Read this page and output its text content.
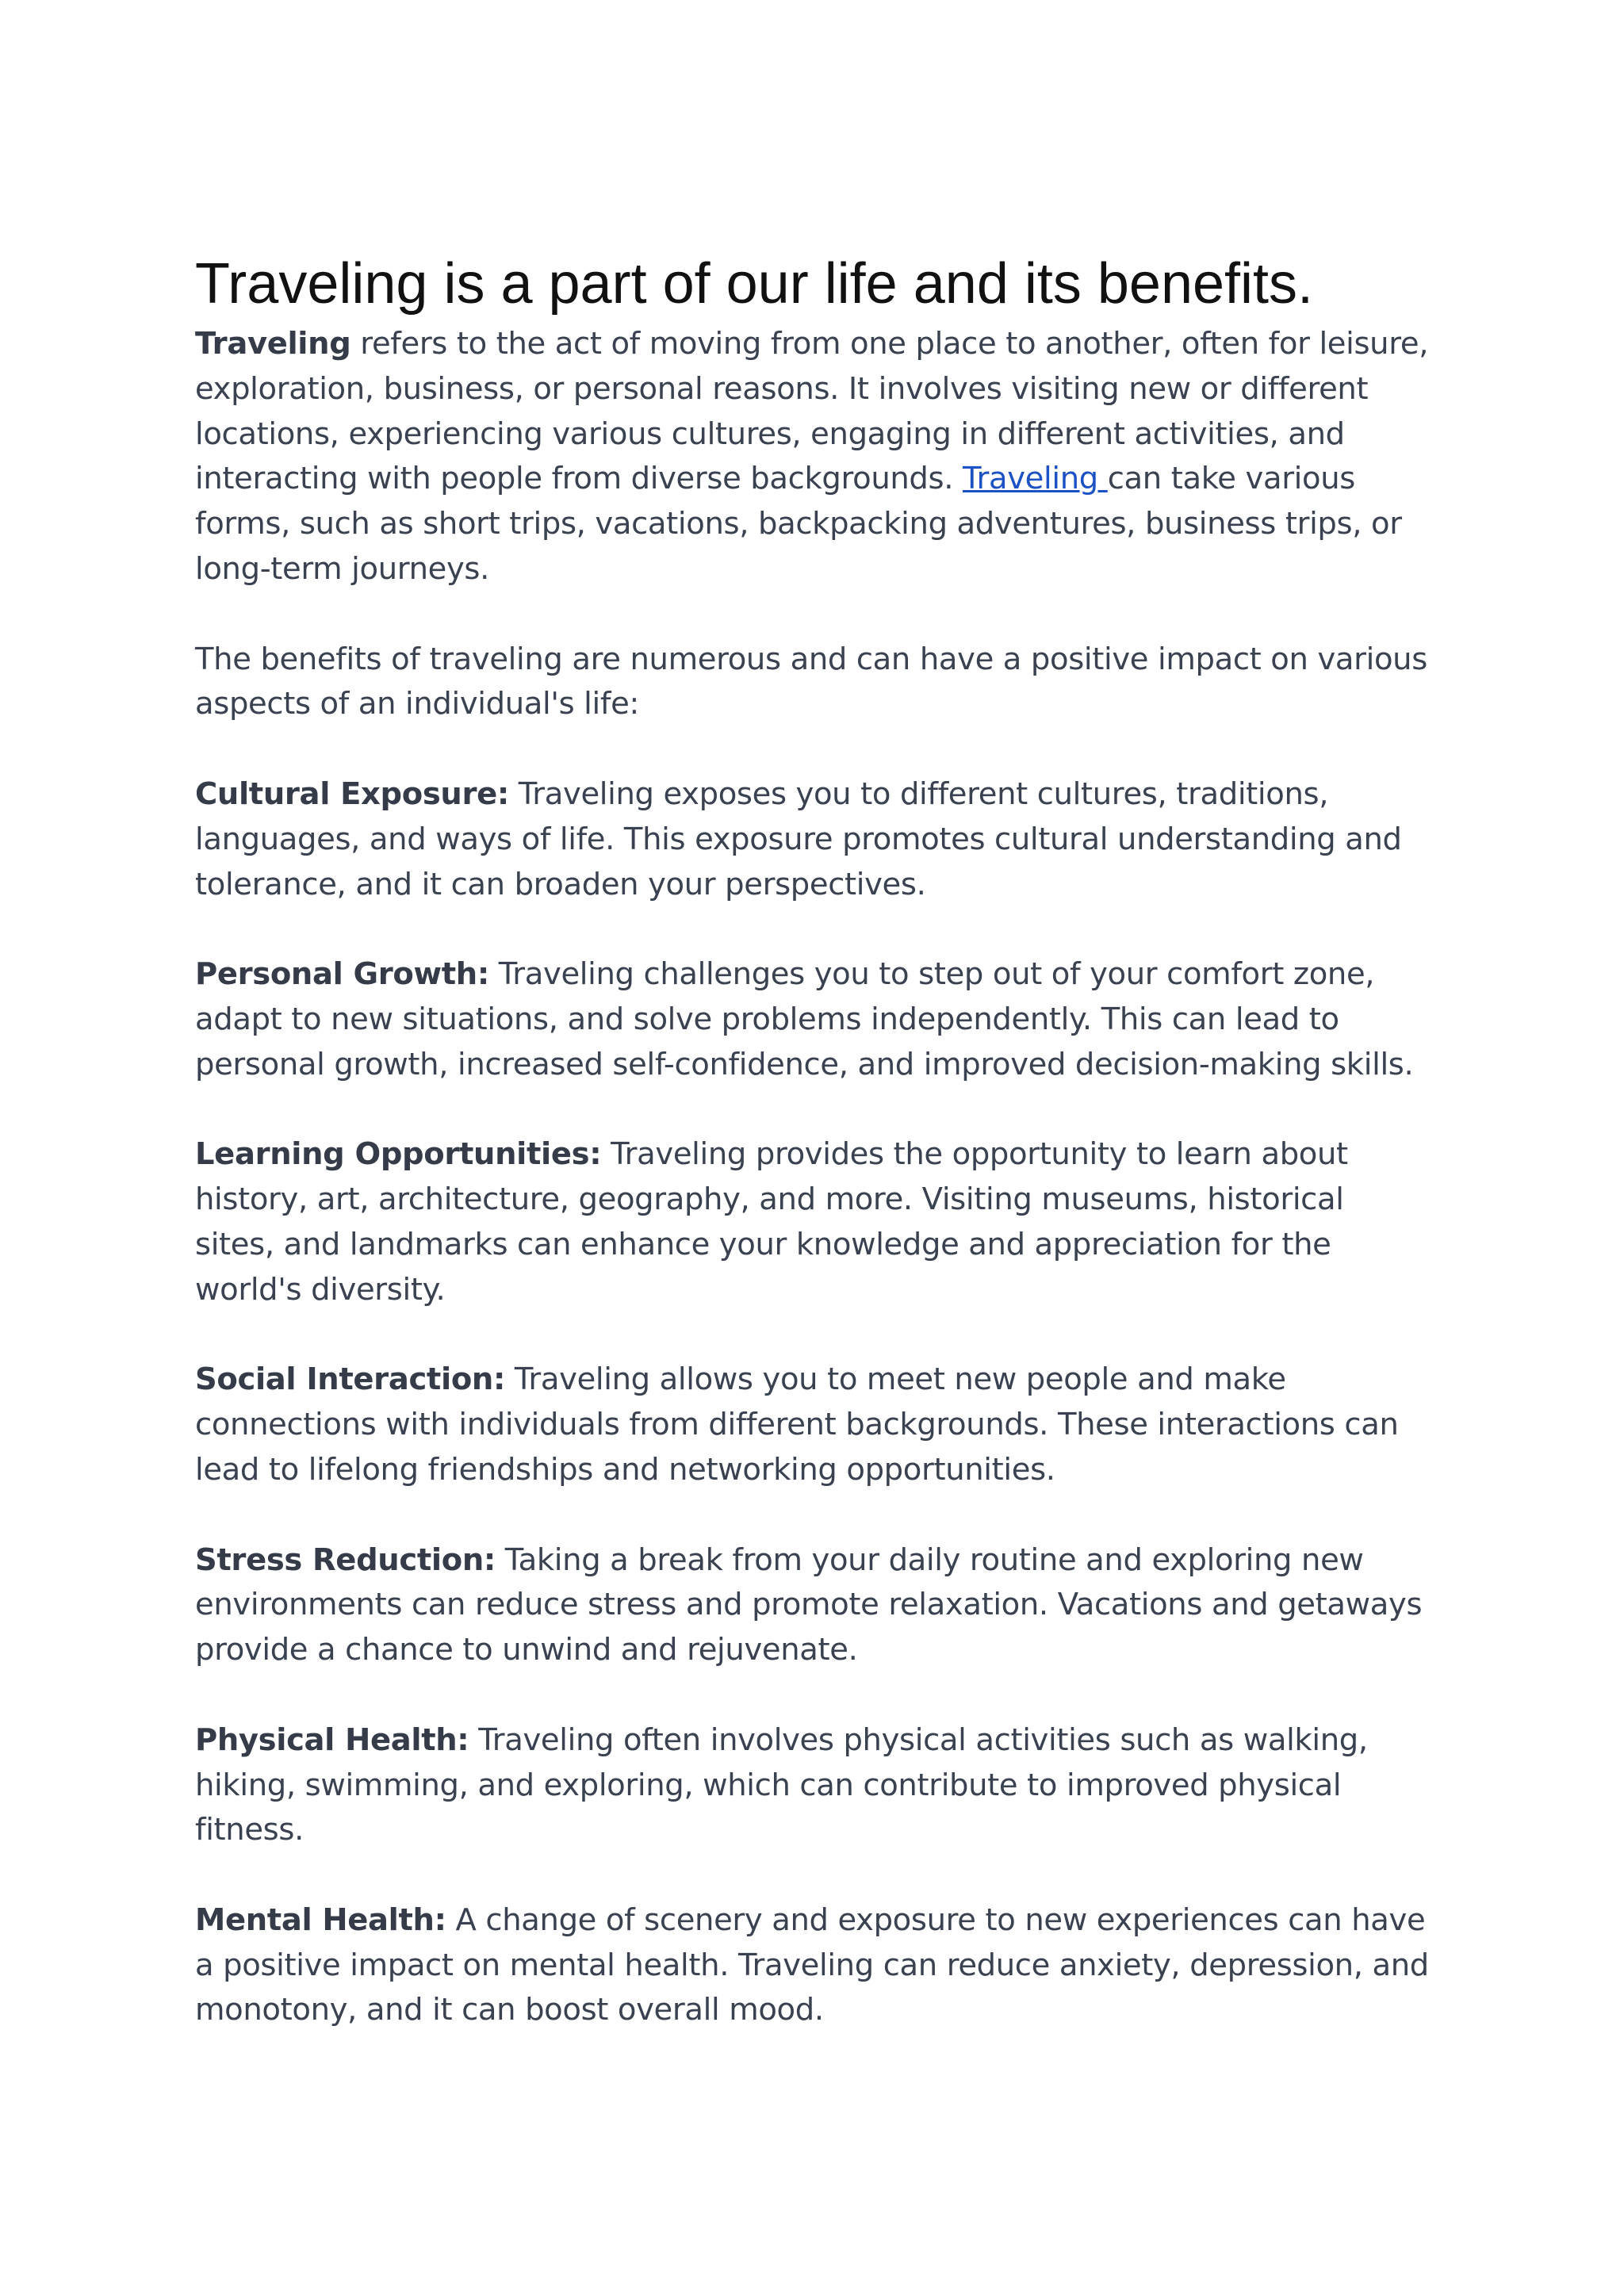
Traveling is a part of our life and its benefits.

Traveling refers to the act of moving from one place to another, often for leisure, exploration, business, or personal reasons. It involves visiting new or different locations, experiencing various cultures, engaging in different activities, and interacting with people from diverse backgrounds. Traveling can take various forms, such as short trips, vacations, backpacking adventures, business trips, or long-term journeys.

The benefits of traveling are numerous and can have a positive impact on various aspects of an individual's life:

Cultural Exposure: Traveling exposes you to different cultures, traditions, languages, and ways of life. This exposure promotes cultural understanding and tolerance, and it can broaden your perspectives.

Personal Growth: Traveling challenges you to step out of your comfort zone, adapt to new situations, and solve problems independently. This can lead to personal growth, increased self-confidence, and improved decision-making skills.

Learning Opportunities: Traveling provides the opportunity to learn about history, art, architecture, geography, and more. Visiting museums, historical sites, and landmarks can enhance your knowledge and appreciation for the world's diversity.

Social Interaction: Traveling allows you to meet new people and make connections with individuals from different backgrounds. These interactions can lead to lifelong friendships and networking opportunities.

Stress Reduction: Taking a break from your daily routine and exploring new environments can reduce stress and promote relaxation. Vacations and getaways provide a chance to unwind and rejuvenate.

Physical Health: Traveling often involves physical activities such as walking, hiking, swimming, and exploring, which can contribute to improved physical fitness.

Mental Health: A change of scenery and exposure to new experiences can have a positive impact on mental health. Traveling can reduce anxiety, depression, and monotony, and it can boost overall mood.
